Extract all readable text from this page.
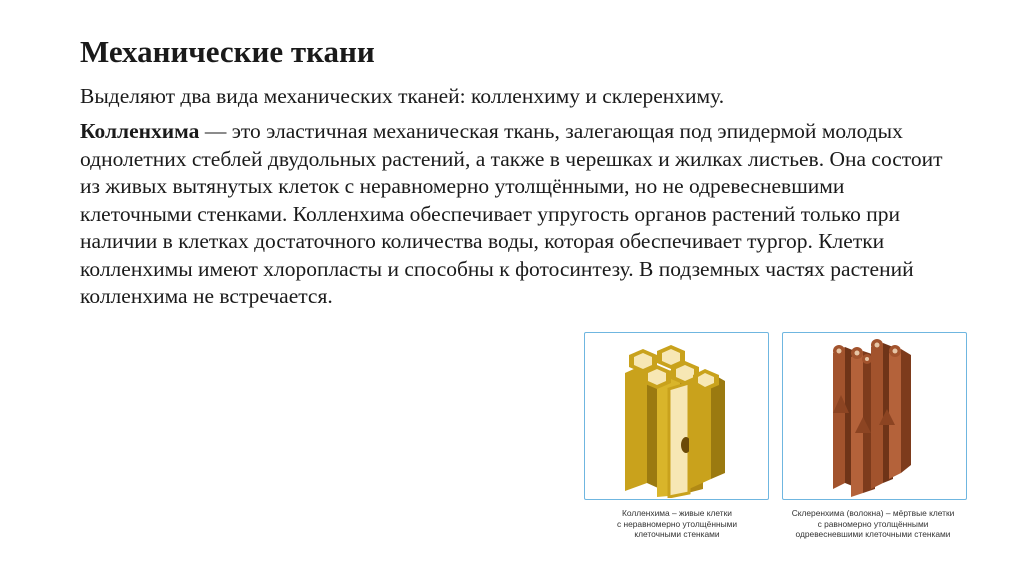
Механические ткани

Выделяют два вида механических тканей: колленхиму и склеренхиму.

Колленхима — это эластичная механическая ткань, залегающая под эпидермой молодых однолетних стеблей двудольных растений, а также в черешках и жилках листьев. Она состоит из живых вытянутых клеток с неравномерно утолщёнными, но не одревесневшими клеточными стенками. Колленхима обеспечивает упругость органов растений только при наличии в клетках достаточного количества воды, которая обеспечивает тургор. Клетки колленхимы имеют хлоропласты и способны к фотосинтезу. В подземных частях растений колленхима не встречается.

Колленхима – живые клетки
с неравномерно утолщёнными
клеточными стенками
Склеренхима (волокна) – мёртвые клетки
с равномерно утолщёнными
одревесневшими клеточными стенками
